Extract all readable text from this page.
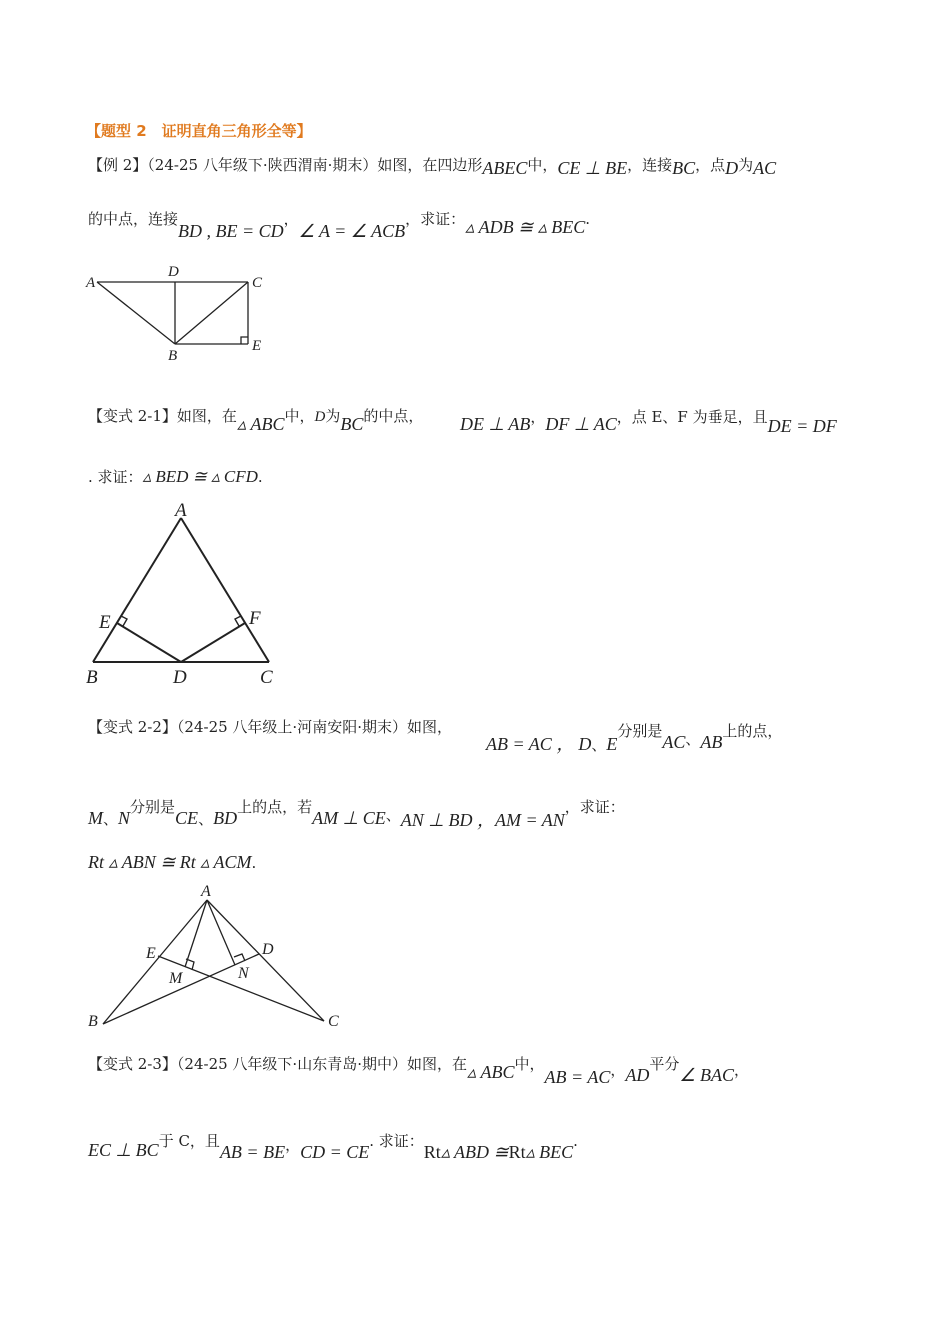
【题型 2　证明直角三角形全等】
【例 2】（24-25 八年级下·陕西渭南·期末）如图，在四边形ABEC中，CE ⊥ BE，连接BC，点D为AC
的中点，连接BD , BE = CD，∠ A = ∠ ACB，求证：▵ ADB ≅ ▵ BEC.
A
D
C
B
E
【变式 2-1】如图，在▵ ABC中，D为BC的中点， DE ⊥ AB，DF ⊥ AC，点 E、F 为垂足，且DE = DF
. 求证：▵ BED ≅ ▵ CFD.
A
E	F
B	D	C
【变式 2-2】（24-25 八年级上·河南安阳·期末）如图，
AB = AC ， D、E分别是AC、AB上的点，
M、N分别是CE、BD上的点，若AM ⊥ CE、AN ⊥ BD ，AM = AN，求证：
Rt ▵ ABN ≅ Rt ▵ ACM.
A
E	D
M	N
B	C
【变式 2-3】（24-25 八年级下·山东青岛·期中）如图，在▵ ABC中，AB = AC，AD平分∠ BAC，
EC ⊥ BC于 C，且AB = BE，CD = CE. 求证：Rt▵ ABD ≅Rt▵ BEC.
